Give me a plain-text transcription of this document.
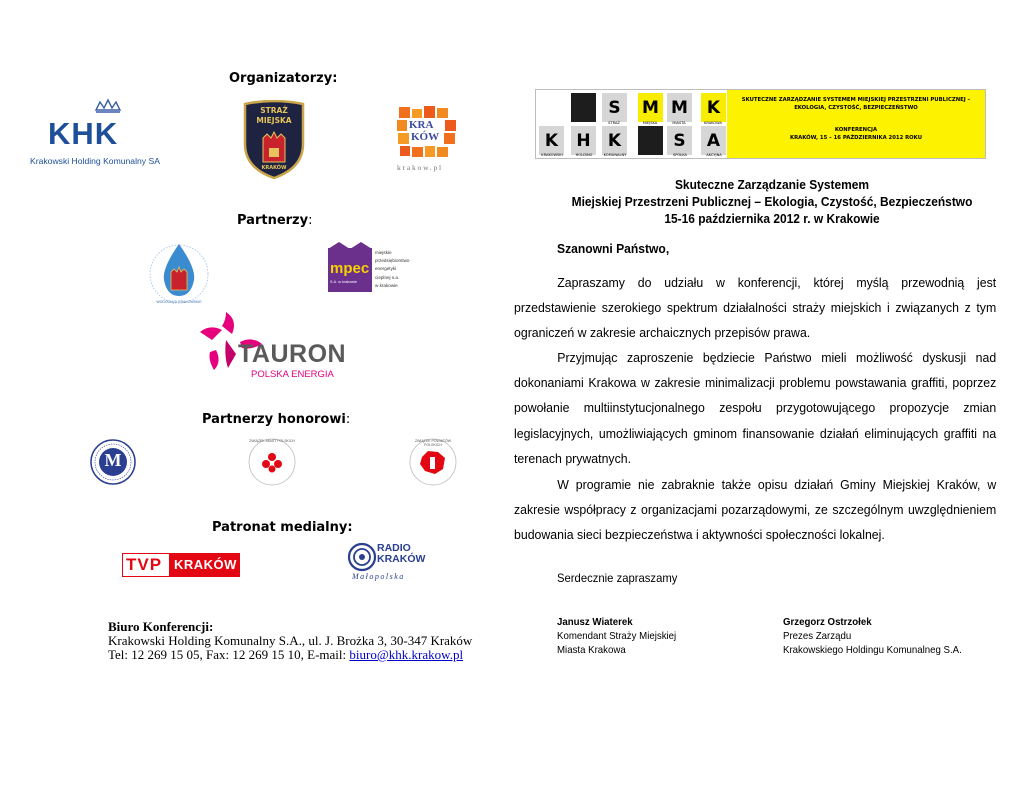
Organizatorzy:
KHK
Krakowski Holding Komunalny SA
STRAŻ
MIEJSKA
KRAKÓW
KRA
KÓW
krakow.pl
Partnerzy:
WODOCIĄGI KRAKOWSKIE
mpec
S.A. w krakowie
miejskie
przedsiębiorstwo
energetyki
cieplnej s.a.
w krakowie
TAURON
POLSKA ENERGIA
Partnerzy honorowi:
M
ZWIĄZEK MIAST POLSKICH	ZWIĄZEK POWIATÓW POLSKICH
Patronat medialny:
TVP KRAKÓW
RADIO
KRAKÓW
Małopolska
Biuro Konferencji:
Krakowski Holding Komunalny S.A., ul. J. Brożka 3, 30-347 Kraków
Tel: 12 269 15 05, Fax: 12 269 15 10, E-mail: biuro@khk.krakow.pl
S M M K
STRAŻ	MIEJSKA	MIASTA	KRAKOWA
K H K	S A
KRAKOWSKI	HOLDING	KOMUNALNY	SPÓŁKA	AKCYJNA
SKUTECZNE ZARZĄDZANIE SYSTEMEM MIEJSKIEJ PRZESTRZENI PUBLICZNEJ –
EKOLOGIA, CZYSTOŚĆ, BEZPIECZEŃSTWO
KONFERENCJA
KRAKÓW, 15 – 16 PAŹDZIERNIKA 2012 ROKU
Skuteczne Zarządzanie Systemem
Miejskiej Przestrzeni Publicznej – Ekologia, Czystość, Bezpieczeństwo
15-16 października 2012 r. w Krakowie
Szanowni Państwo,
Zapraszamy do udziału w konferencji, której myślą przewodnią jest przedstawienie szerokiego spektrum działalności straży miejskich i związanych z tym ograniczeń w zakresie archaicznych przepisów prawa.
Przyjmując zaproszenie będziecie Państwo mieli możliwość dyskusji nad dokonaniami Krakowa w zakresie minimalizacji problemu powstawania graffiti, poprzez powołanie multiinstytucjonalnego zespołu przygotowującego propozycje zmian legislacyjnych, umożliwiających gminom finansowanie działań eliminujących graffiti na terenach prywatnych.
W programie nie zabraknie także opisu działań Gminy Miejskiej Kraków, w zakresie współpracy z organizacjami pozarządowymi, ze szczególnym uwzględnieniem budowania sieci bezpieczeństwa i aktywności społeczności lokalnej.
Serdecznie zapraszamy
Janusz Wiaterek
Komendant Straży Miejskiej
Miasta Krakowa
Grzegorz Ostrzołek
Prezes Zarządu
Krakowskiego Holdingu Komunalneg S.A.
